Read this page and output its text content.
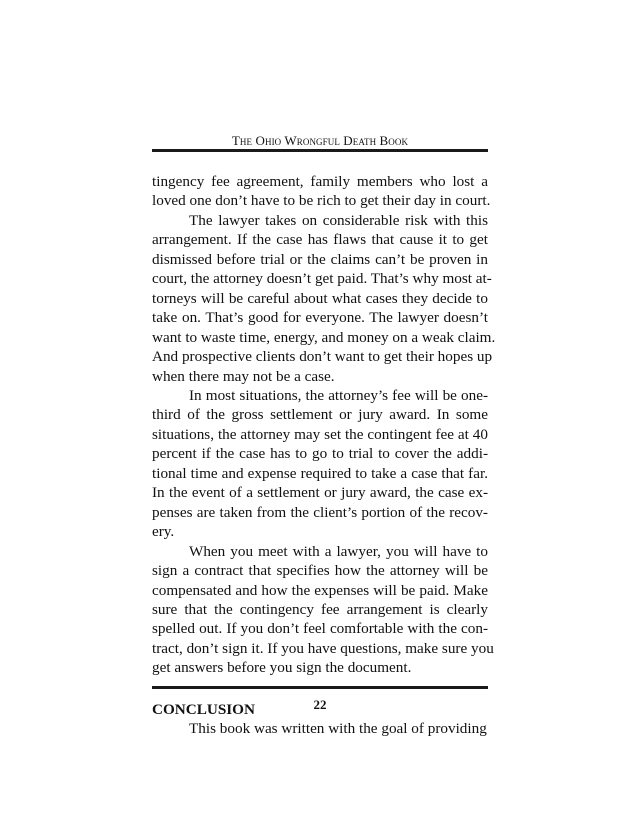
The Ohio Wrongful Death Book
tingency fee agreement, family members who lost a
loved one don’t have to be rich to get their day in court.
The lawyer takes on considerable risk with this
arrangement. If the case has flaws that cause it to get
dismissed before trial or the claims can’t be proven in
court, the attorney doesn’t get paid. That’s why most at-
torneys will be careful about what cases they decide to
take on. That’s good for everyone. The lawyer doesn’t
want to waste time, energy, and money on a weak claim.
And prospective clients don’t want to get their hopes up
when there may not be a case.
In most situations, the attorney’s fee will be one-
third of the gross settlement or jury award. In some
situations, the attorney may set the contingent fee at 40
percent if the case has to go to trial to cover the addi-
tional time and expense required to take a case that far.
In the event of a settlement or jury award, the case ex-
penses are taken from the client’s portion of the recov-
ery.
When you meet with a lawyer, you will have to
sign a contract that specifies how the attorney will be
compensated and how the expenses will be paid. Make
sure that the contingency fee arrangement is clearly
spelled out. If you don’t feel comfortable with the con-
tract, don’t sign it. If you have questions, make sure you
get answers before you sign the document.
CONCLUSION
This book was written with the goal of providing
22
